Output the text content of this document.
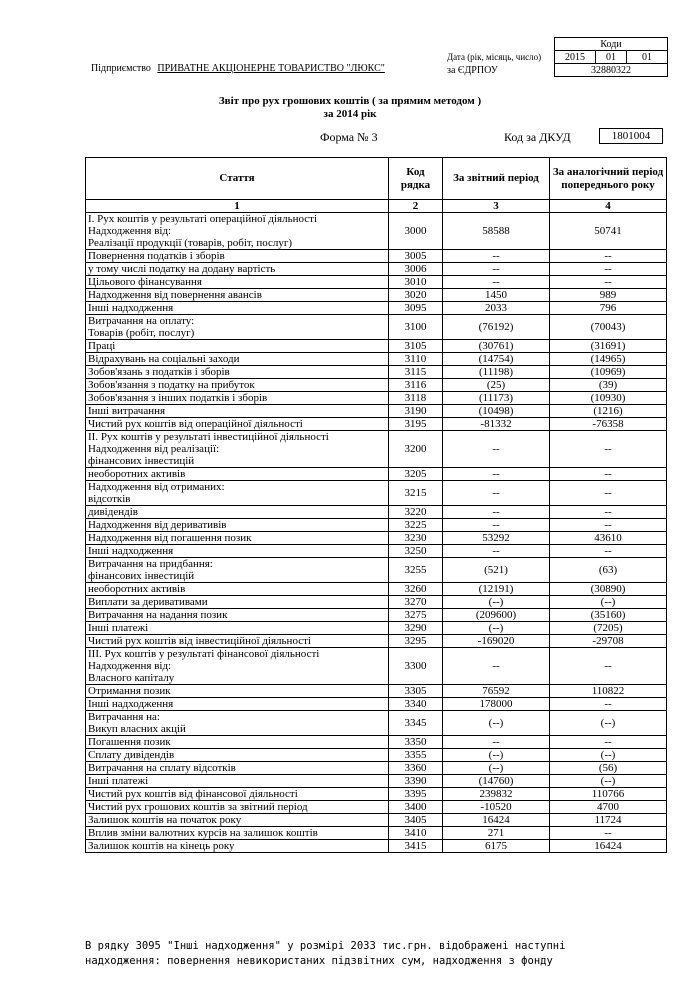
Коди
2015	01	01
32880322
Дата (рік, місяць, число)
за ЄДРПОУ
Підприємство ПРИВАТНЕ АКЦІОНЕРНЕ ТОВАРИСТВО "ЛЮКС"
Звіт про рух грошових коштів ( за прямим методом )
за 2014 рік
Форма № 3	Код за ДКУД	1801004
Стаття	Код рядка	За звітний період	За аналогічний період попереднього року
1	2	3	4

I. Рух коштів у результаті операційної діяльності
Надходження від:
Реалізації продукції (товарів, робіт, послуг)	3000	58588	50741

Повернення податків і зборів	3005	--	--

у тому числі податку на додану вартість	3006	--	--

Цільового фінансування	3010	--	--

Надходження від повернення авансів	3020	1450	989

Інші надходження	3095	2033	796

Витрачання на оплату:
Товарів (робіт, послуг)	3100	(76192)	(70043)

Праці	3105	(30761)	(31691)

Відрахувань на соціальні заходи	3110	(14754)	(14965)

Зобов'язань з податків і зборів	3115	(11198)	(10969)

Зобов'язання з податку на прибуток	3116	(25)	(39)

Зобов'язання з інших податків і зборів	3118	(11173)	(10930)

Інші витрачання	3190	(10498)	(1216)

Чистий рух коштів від операційної діяльності	3195	-81332	-76358

II. Рух коштів у результаті інвестиційної діяльності
Надходження від реалізації:
фінансових інвестицій	3200	--	--

необоротних активів	3205	--	--

Надходження від отриманих:
відсотків	3215	--	--

дивідендів	3220	--	--

Надходження від деривативів	3225	--	--

Надходження від погашення позик	3230	53292	43610

Інші надходження	3250	--	--

Витрачання на придбання:
фінансових інвестицій	3255	(521)	(63)

необоротних активів	3260	(12191)	(30890)

Виплати за деривативами	3270	(--)	(--)

Витрачання на надання позик	3275	(209600)	(35160)

Інші платежі	3290	(--)	(7205)

Чистий рух коштів від інвестиційної діяльності	3295	-169020	-29708

III. Рух коштів у результаті фінансової діяльності
Надходження від:
Власного капіталу	3300	--	--

Отримання позик	3305	76592	110822

Інші надходження	3340	178000	--

Витрачання на:
Викуп власних акцій	3345	(--)	(--)

Погашення позик	3350	--	--

Сплату дивідендів	3355	(--)	(--)

Витрачання на сплату відсотків	3360	(--)	(56)

Інші платежі	3390	(14760)	(--)

Чистий рух коштів від фінансової діяльності	3395	239832	110766

Чистий рух грошових коштів за звітний період	3400	-10520	4700

Залишок коштів на початок року	3405	16424	11724

Вплив зміни валютних курсів на залишок коштів	3410	271	--

Залишок коштів на кінець року	3415	6175	16424
В рядку 3095 "Інші надходження" у розмірі 2033 тис.грн. відображені наступні
надходження: повернення невикористаних підзвітних сум, надходження з фонду
